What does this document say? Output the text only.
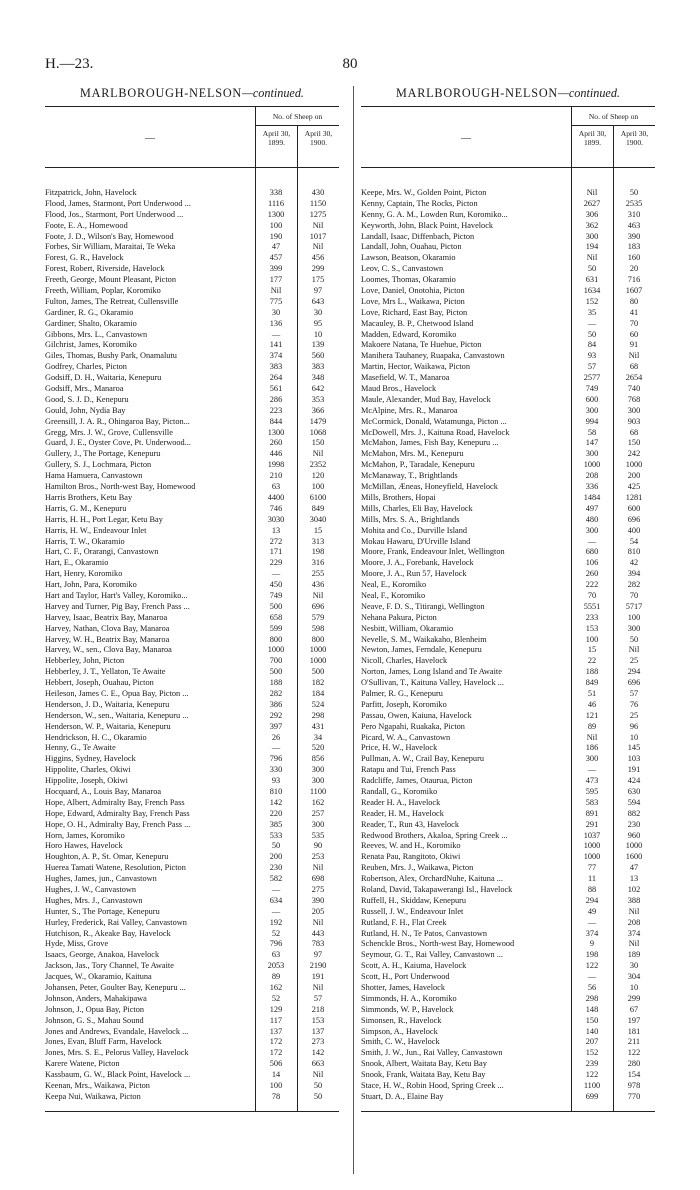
H.—23.	80
MARLBOROUGH-NELSON—continued.
—
No. of Sheep on
April 30,
1899.
April 30,
1900.
Fitzpatrick, John, Havelock	338	430
Flood, James, Starmont, Port Underwood ...	1116	1150
Flood, Jos., Starmont, Port Underwood ...	1300	1275
Foote, E. A., Homewood	100	Nil
Foote, J. D., Wilson's Bay, Homewood	190	1017
Forbes, Sir William, Maraitai, Te Weka	47	Nil
Forest, G. R., Havelock	457	456
Forest, Robert, Riverside, Havelock	399	299
Freeth, George, Mount Pleasant, Picton	177	175
Freeth, William, Poplar, Koromiko	Nil	97
Fulton, James, The Retreat, Cullensville	775	643
Gardiner, R. G., Okaramio	30	30
Gardiner, Shalto, Okaramio	136	95
Gibbons, Mrs. L., Canvastown	—	10
Gilchrist, James, Koromiko	141	139
Giles, Thomas, Bushy Park, Onamalutu	374	560
Godfrey, Charles, Picton	383	383
Godsiff, D. H., Waitaria, Kenepuru	264	348
Godsiff, Mrs., Manaroa	561	642
Good, S. J. D., Kenepuru	286	353
Gould, John, Nydia Bay	223	366
Greensill, J. A. R., Ohingaroa Bay, Picton...	844	1479
Gregg, Mrs. J. W., Grove, Cullensville	1300	1068
Guard, J. E., Oyster Cove, Pt. Underwood...	260	150
Gullery, J., The Portage, Kenepuru	446	Nil
Gullery, S. J., Lochmara, Picton	1998	2352
Hama Hamuera, Canvastown	210	120
Hamilton Bros., North-west Bay, Homewood	63	100
Harris Brothers, Ketu Bay	4400	6100
Harris, G. M., Kenepuru	746	849
Harris, H. H., Port Legar, Ketu Bay	3030	3040
Harris, H. W., Endeavour Inlet	13	15
Harris, T. W., Okaramio	272	313
Hart, C. F., Orarangi, Canvastown	171	198
Hart, E., Okaramio	229	316
Hart, Henry, Koromiko	—	255
Hart, John, Para, Koromiko	450	436
Hart and Taylor, Hart's Valley, Koromiko...	749	Nil
Harvey and Turner, Pig Bay, French Pass ...	500	696
Harvey, Isaac, Beatrix Bay, Manaroa	658	579
Harvey, Nathan, Clova Bay, Manaroa	599	598
Harvey, W. H., Beatrix Bay, Manaroa	800	800
Harvey, W., sen., Clova Bay, Manaroa	1000	1000
Hebberley, John, Picton	700	1000
Hebberley, J. T., Yellaton, Te Awaite	500	500
Hebbert, Joseph, Ouahau, Picton	188	182
Heileson, James C. E., Opua Bay, Picton ...	282	184
Henderson, J. D., Waitaria, Kenepuru	386	524
Henderson, W., sen., Waitaria, Kenepuru ...	292	298
Henderson, W. P., Waitaria, Kenepuru	397	431
Hendrickson, H. C., Okaramio	26	34
Henny, G., Te Awaite	—	520
Higgins, Sydney, Havelock	796	856
Hippolite, Charles, Okiwi	330	300
Hippolite, Joseph, Okiwi	93	300
Hocquard, A., Louis Bay, Manaroa	810	1100
Hope, Albert, Admiralty Bay, French Pass	142	162
Hope, Edward, Admiralty Bay, French Pass	220	257
Hope, O. H., Admiralty Bay, French Pass ...	385	300
Horn, James, Koromiko	533	535
Horo Hawes, Havelock	50	90
Houghton, A. P., St. Omar, Kenepuru	200	253
Huerea Tamati Watene, Resolution, Picton	230	Nil
Hughes, James, jun., Canvastown	582	698
Hughes, J. W., Canvastown	—	275
Hughes, Mrs. J., Canvastown	634	390
Hunter, S., The Portage, Kenepuru	—	205
Hurley, Frederick, Rai Valley, Canvastown	192	Nil
Hutchison, R., Akeake Bay, Havelock	52	443
Hyde, Miss, Grove	796	783
Isaacs, George, Anakoa, Havelock	63	97
Jackson, Jas., Tory Channel, Te Awaite	2053	2190
Jacques, W., Okaramio, Kaituna	89	191
Johansen, Peter, Goulter Bay, Kenepuru ...	162	Nil
Johnson, Anders, Mahakipawa	52	57
Johnson, J., Opua Bay, Picton	129	218
Johnson, G. S., Mahau Sound	117	153
Jones and Andrews, Evandale, Havelock ...	137	137
Jones, Evan, Bluff Farm, Havelock	172	273
Jones, Mrs. S. E., Pelorus Valley, Havelock	172	142
Karere Watene, Picton	506	663
Kassbaum, G. W., Black Point, Havelock ...	14	Nil
Keenan, Mrs., Waikawa, Picton	100	50
Keepa Nui, Waikawa, Picton	78	50
MARLBOROUGH-NELSON—continued.
—
No. of Sheep on
April 30,
1899.
April 30,
1900.
Keepe, Mrs. W., Golden Point, Picton	Nil	50
Kenny, Captain, The Rocks, Picton	2627	2535
Kenny, G. A. M., Lowden Run, Koromiko...	306	310
Keyworth, John, Black Point, Havelock	362	463
Landall, Isaac, Diffenbach, Picton	300	390
Landall, John, Ouahau, Picton	194	183
Lawson, Beatson, Okaramio	Nil	160
Leov, C. S., Canvastown	50	20
Loomes, Thomas, Okaramio	631	716
Love, Daniel, Onotohia, Picton	1634	1607
Love, Mrs L., Waikawa, Picton	152	80
Love, Richard, East Bay, Picton	35	41
Macauley, B. P., Chetwood Island	—	70
Madden, Edward, Koromiko	50	60
Makoere Natana, Te Huehue, Picton	84	91
Manihera Tauhaney, Ruapaka, Canvastown	93	Nil
Martin, Hector, Waikawa, Picton	57	68
Masefield, W. T., Manaroa	2577	2654
Maud Bros., Havelock	749	740
Maule, Alexander, Mud Bay, Havelock	600	768
McAlpine, Mrs. R., Manaroa	300	300
McCormick, Donald, Watamunga, Picton ...	994	903
McDowell, Mrs. J., Kaituna Road, Havelock	58	68
McMahon, James, Fish Bay, Kenepuru ...	147	150
McMahon, Mrs. M., Kenepuru	300	242
McMahon, P., Taradale, Kenepuru	1000	1000
McManaway, T., Brightlands	208	200
McMillan, Æneas, Honeyfield, Havelock	336	425
Mills, Brothers, Hopai	1484	1281
Mills, Charles, Eli Bay, Havelock	497	600
Mills, Mrs. S. A., Brightlands	480	696
Mohita and Co., Durville Island	300	400
Mokau Hawaru, D'Urville Island	—	54
Moore, Frank, Endeavour Inlet, Wellington	680	810
Moore, J. A., Forebank, Havelock	106	42
Moore, J. A., Run 57, Havelock	260	394
Neal, E., Koromiko	222	282
Neal, F., Koromiko	70	70
Neave, F. D. S., Titirangi, Wellington	5551	5717
Nehana Pakura, Picton	233	100
Nesbitt, William, Okaramio	153	300
Nevelle, S. M., Waikakaho, Blenheim	100	50
Newton, James, Ferndale, Kenepuru	15	Nil
Nicoll, Charles, Havelock	22	25
Norton, James, Long Island and Te Awaite	188	294
O'Sullivan, T., Kaituna Valley, Havelock ...	849	696
Palmer, R. G., Kenepuru	51	57
Parfitt, Joseph, Koromiko	46	76
Passau, Owen, Kaiuna, Havelock	121	25
Pero Ngapahi, Ruakaka, Picton	89	96
Picard, W. A., Canvastown	Nil	10
Price, H. W., Havelock	186	145
Pullman, A. W., Crail Bay, Kenepuru	300	103
Ratapu and Tui, French Pass	—	191
Radcliffe, James, Otaurua, Picton	473	424
Randall, G., Koromiko	595	630
Reader H. A., Havelock	583	594
Reader, H. M., Havelock	891	882
Reader, T., Run 43, Havelock	291	230
Redwood Brothers, Akaloa, Spring Creek ...	1037	960
Reeves, W. and H., Koromiko	1000	1000
Renata Pau, Rangitoto, Okiwi	1000	1600
Reuben, Mrs. J., Waikawa, Picton	77	47
Robertson, Alex, OrchardNuhe, Kaituna ...	11	13
Roland, David, Takapawerangi Isl., Havelock	88	102
Ruffell, H., Skiddaw, Kenepuru	294	388
Russell, J. W., Endeavour Inlet	49	Nil
Rutland, F. H., Flat Creek	—	208
Rutland, H. N., Te Patos, Canvastown	374	374
Schenckle Bros., North-west Bay, Homewood	9	Nil
Seymour, G. T., Rai Valley, Canvastown ...	198	189
Scott, A. H., Kaiuma, Havelock	122	30
Scott, H., Port Underwood	—	304
Shotter, James, Havelock	56	10
Simmonds, H. A., Koromiko	298	299
Simmonds, W. P., Havelock	148	67
Simonsen, R., Havelock	150	197
Simpson, A., Havelock	140	181
Smith, C. W., Havelock	207	211
Smith, J. W., Jun., Rai Valley, Canvastown	152	122
Snook, Albert, Waitata Bay, Ketu Bay	239	280
Snook, Frank, Waitata Bay, Ketu Bay	122	154
Stace, H. W., Robin Hood, Spring Creek ...	1100	978
Stuart, D. A., Elaine Bay	699	770
